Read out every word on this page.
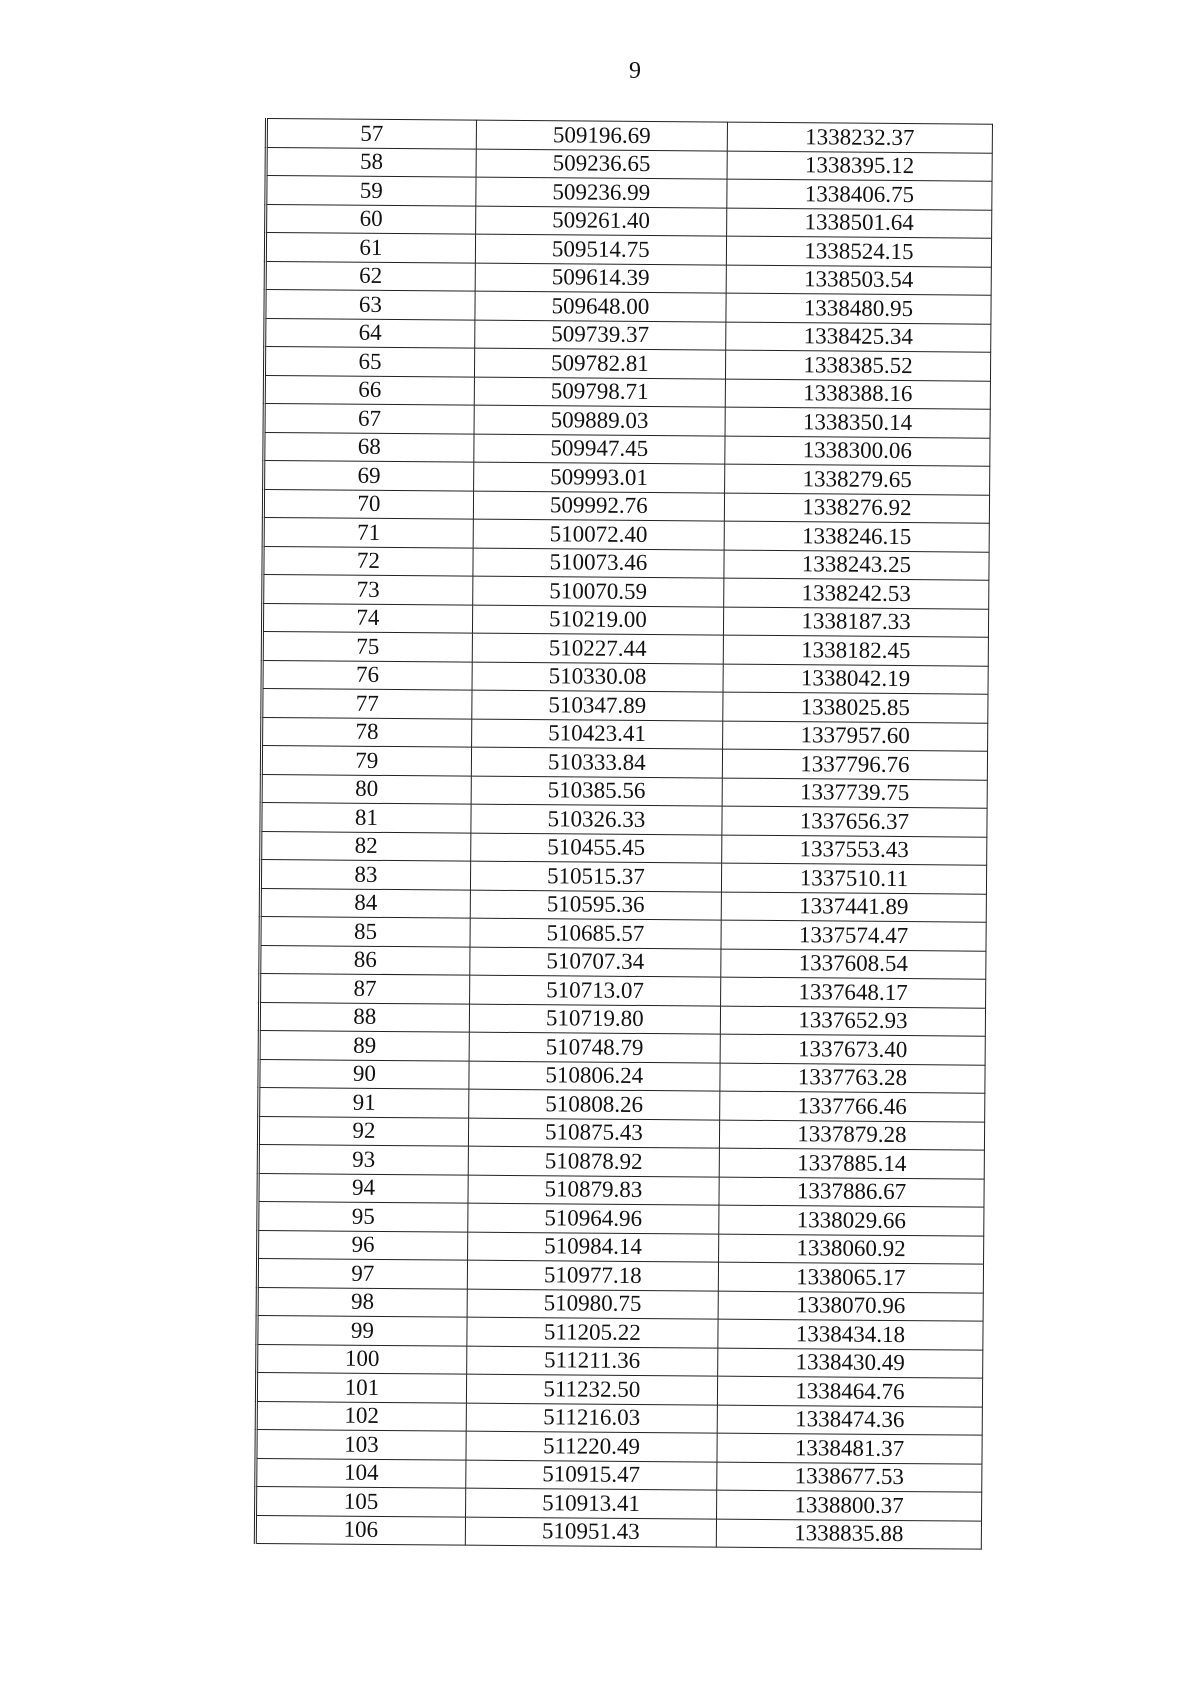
9
57	509196.69	1338232.37
58	509236.65	1338395.12
59	509236.99	1338406.75
60	509261.40	1338501.64
61	509514.75	1338524.15
62	509614.39	1338503.54
63	509648.00	1338480.95
64	509739.37	1338425.34
65	509782.81	1338385.52
66	509798.71	1338388.16
67	509889.03	1338350.14
68	509947.45	1338300.06
69	509993.01	1338279.65
70	509992.76	1338276.92
71	510072.40	1338246.15
72	510073.46	1338243.25
73	510070.59	1338242.53
74	510219.00	1338187.33
75	510227.44	1338182.45
76	510330.08	1338042.19
77	510347.89	1338025.85
78	510423.41	1337957.60
79	510333.84	1337796.76
80	510385.56	1337739.75
81	510326.33	1337656.37
82	510455.45	1337553.43
83	510515.37	1337510.11
84	510595.36	1337441.89
85	510685.57	1337574.47
86	510707.34	1337608.54
87	510713.07	1337648.17
88	510719.80	1337652.93
89	510748.79	1337673.40
90	510806.24	1337763.28
91	510808.26	1337766.46
92	510875.43	1337879.28
93	510878.92	1337885.14
94	510879.83	1337886.67
95	510964.96	1338029.66
96	510984.14	1338060.92
97	510977.18	1338065.17
98	510980.75	1338070.96
99	511205.22	1338434.18
100	511211.36	1338430.49
101	511232.50	1338464.76
102	511216.03	1338474.36
103	511220.49	1338481.37
104	510915.47	1338677.53
105	510913.41	1338800.37
106	510951.43	1338835.88
